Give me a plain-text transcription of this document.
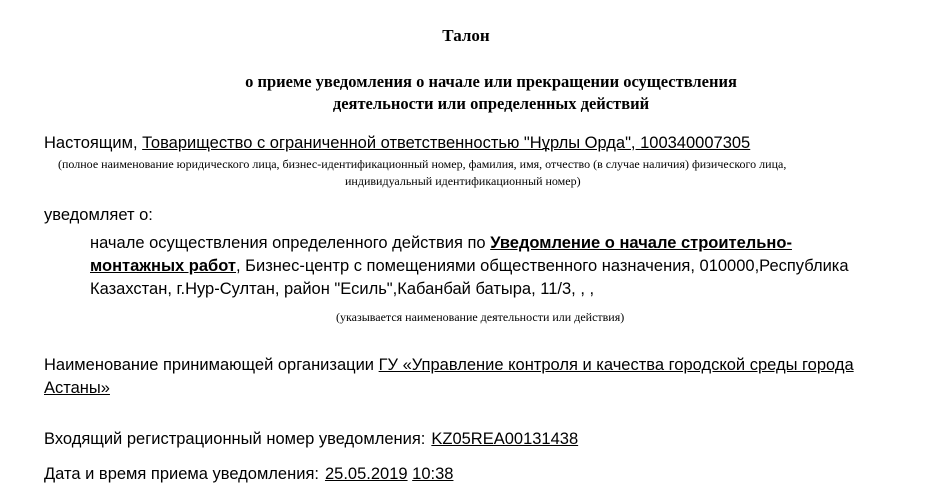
Талон
о приеме уведомления о начале или прекращении осуществления
деятельности или определенных действий
Настоящим, Товарищество с ограниченной ответственностью "Нұрлы Орда", 100340007305
(полное наименование юридического лица, бизнес-идентификационный номер, фамилия, имя, отчество (в случае наличия) физического лица,
индивидуальный идентификационный номер)
уведомляет о:
начале осуществления определенного действия по Уведомление о начале строительно-
монтажных работ, Бизнес-центр с помещениями общественного назначения, 010000,Республика
Казахстан, г.Нур-Султан, район "Есиль",Кабанбай батыра, 11/3, , ,
(указывается наименование деятельности или действия)
Наименование принимающей организации ГУ «Управление контроля и качества городской среды города
Астаны»
Входящий регистрационный номер уведомления: KZ05REA00131438
Дата и время приема уведомления: 25.05.2019 10:38
